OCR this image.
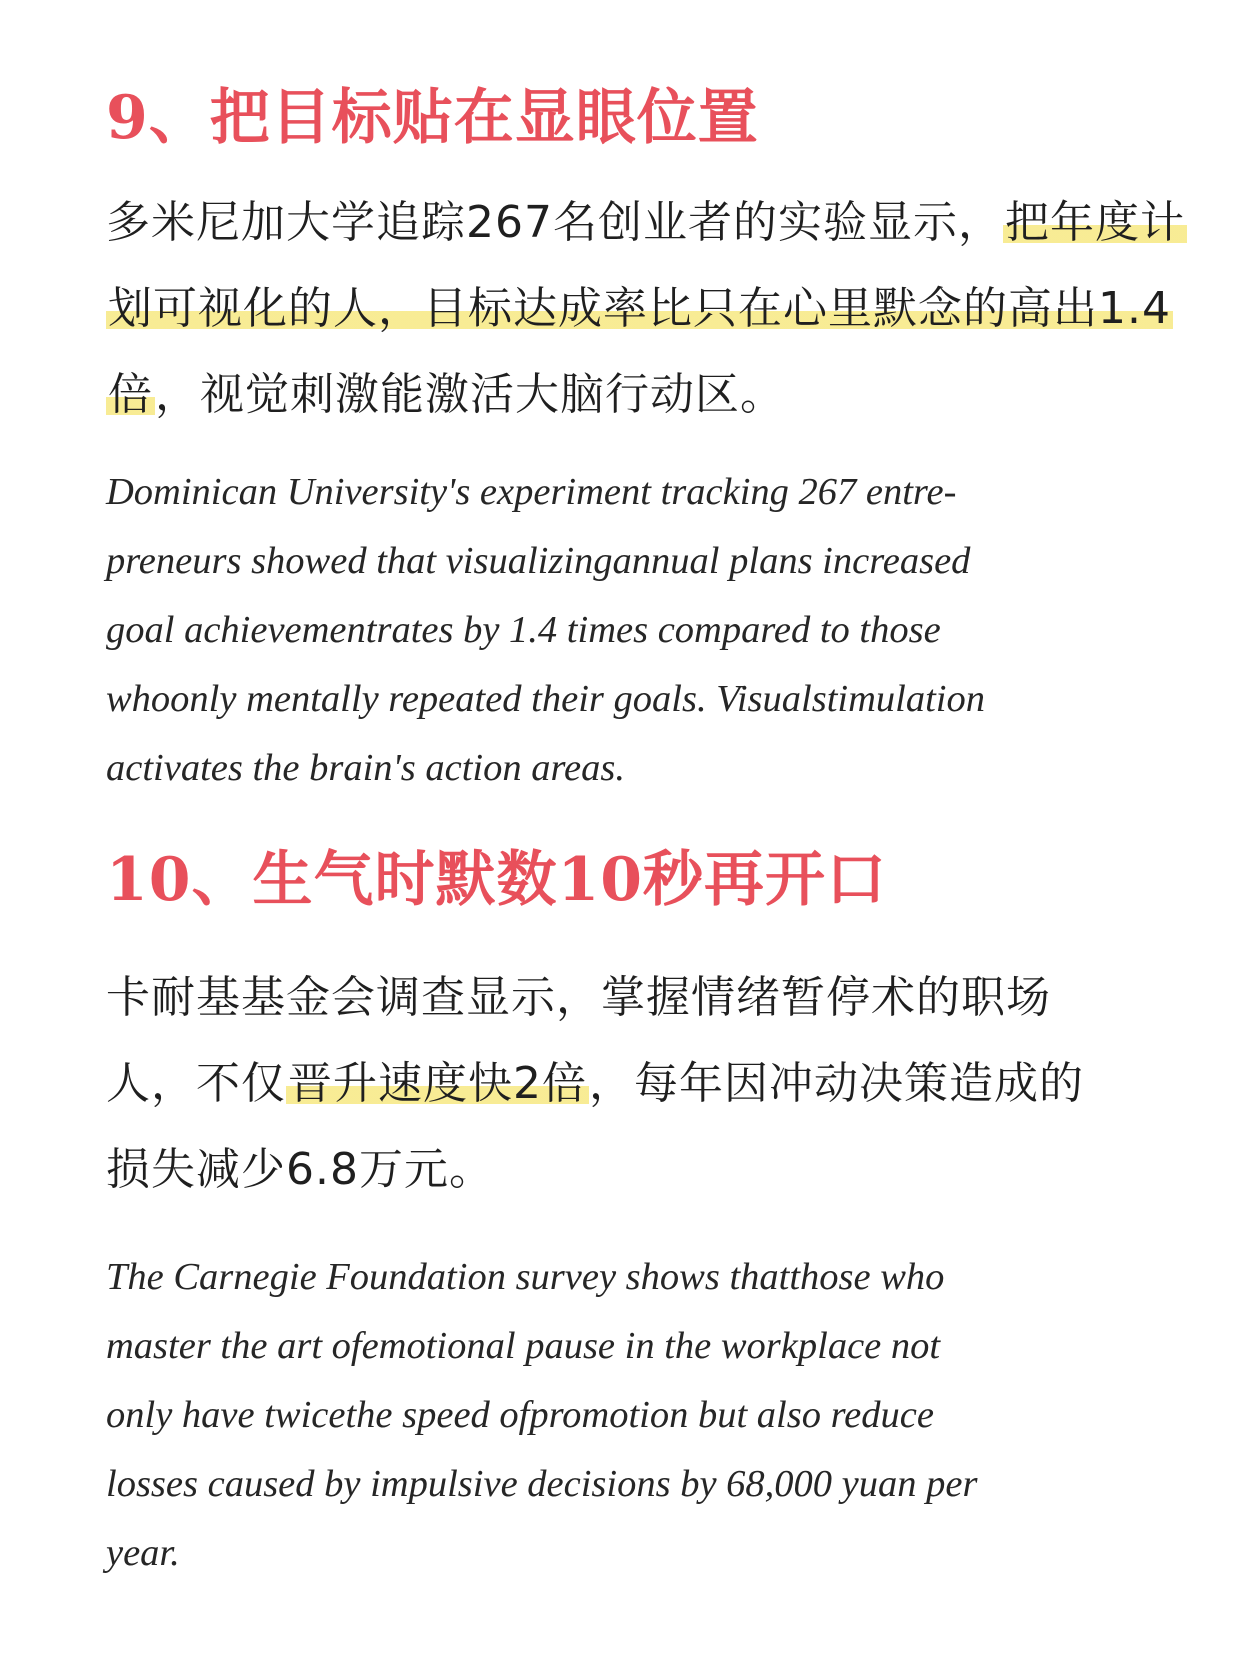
9、把目标贴在显眼位置

多米尼加大学追踪267名创业者的实验显示，把年度计划可视化的人，目标达成率比只在心里默念的高出1.4倍，视觉刺激能激活大脑行动区。

Dominican University's experiment tracking 267 entre-
preneurs showed that visualizingannual plans increased
goal achievementrates by 1.4 times compared to those
whoonly mentally repeated their goals. Visualstimulation
activates the brain's action areas.

10、生气时默数10秒再开口

卡耐基基金会调查显示，掌握情绪暂停术的职场
人，不仅晋升速度快2倍，每年因冲动决策造成的
损失减少6.8万元。

The Carnegie Foundation survey shows thatthose who
master the art ofemotional pause in the workplace not
only have twicethe speed ofpromotion but also reduce
losses caused by impulsive decisions by 68,000 yuan per
year.
